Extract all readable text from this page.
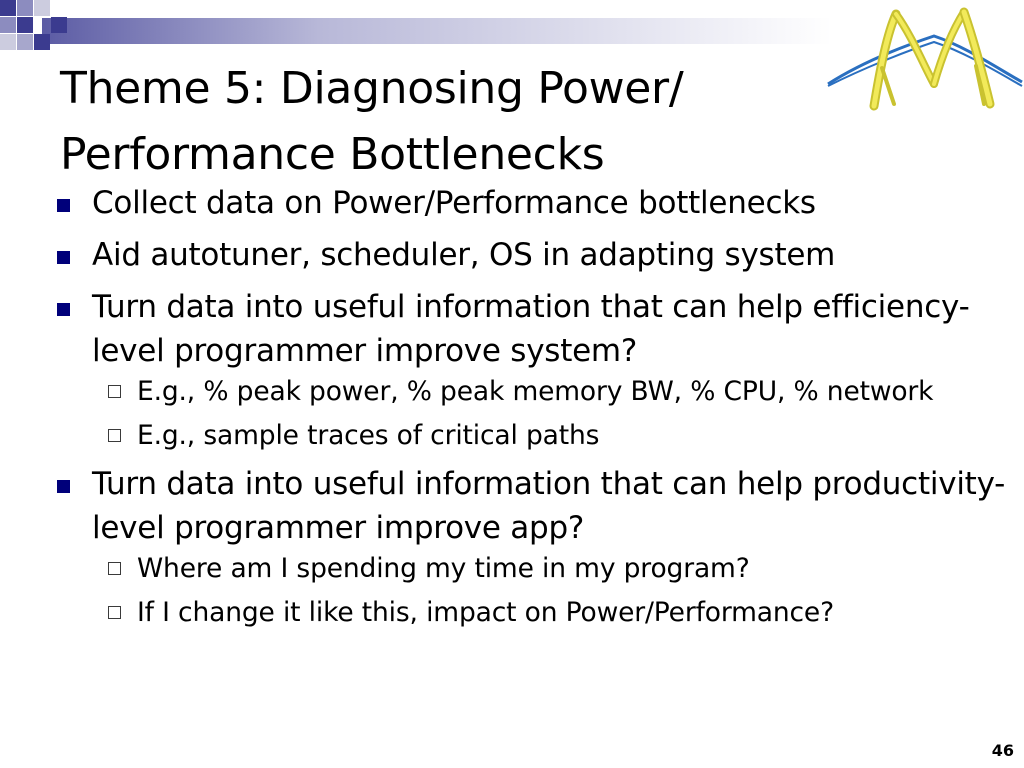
Theme 5: Diagnosing Power/
Performance Bottlenecks
Collect data on Power/Performance bottlenecks
Aid autotuner, scheduler, OS in adapting system
Turn data into useful information that can help efficiency-level programmer improve system?
E.g., % peak power, % peak memory BW, % CPU, % network
E.g., sample traces of critical paths
Turn data into useful information that can help productivity-level programmer improve app?
Where am I spending my time in my program?
If I change it like this, impact on Power/Performance?
46
